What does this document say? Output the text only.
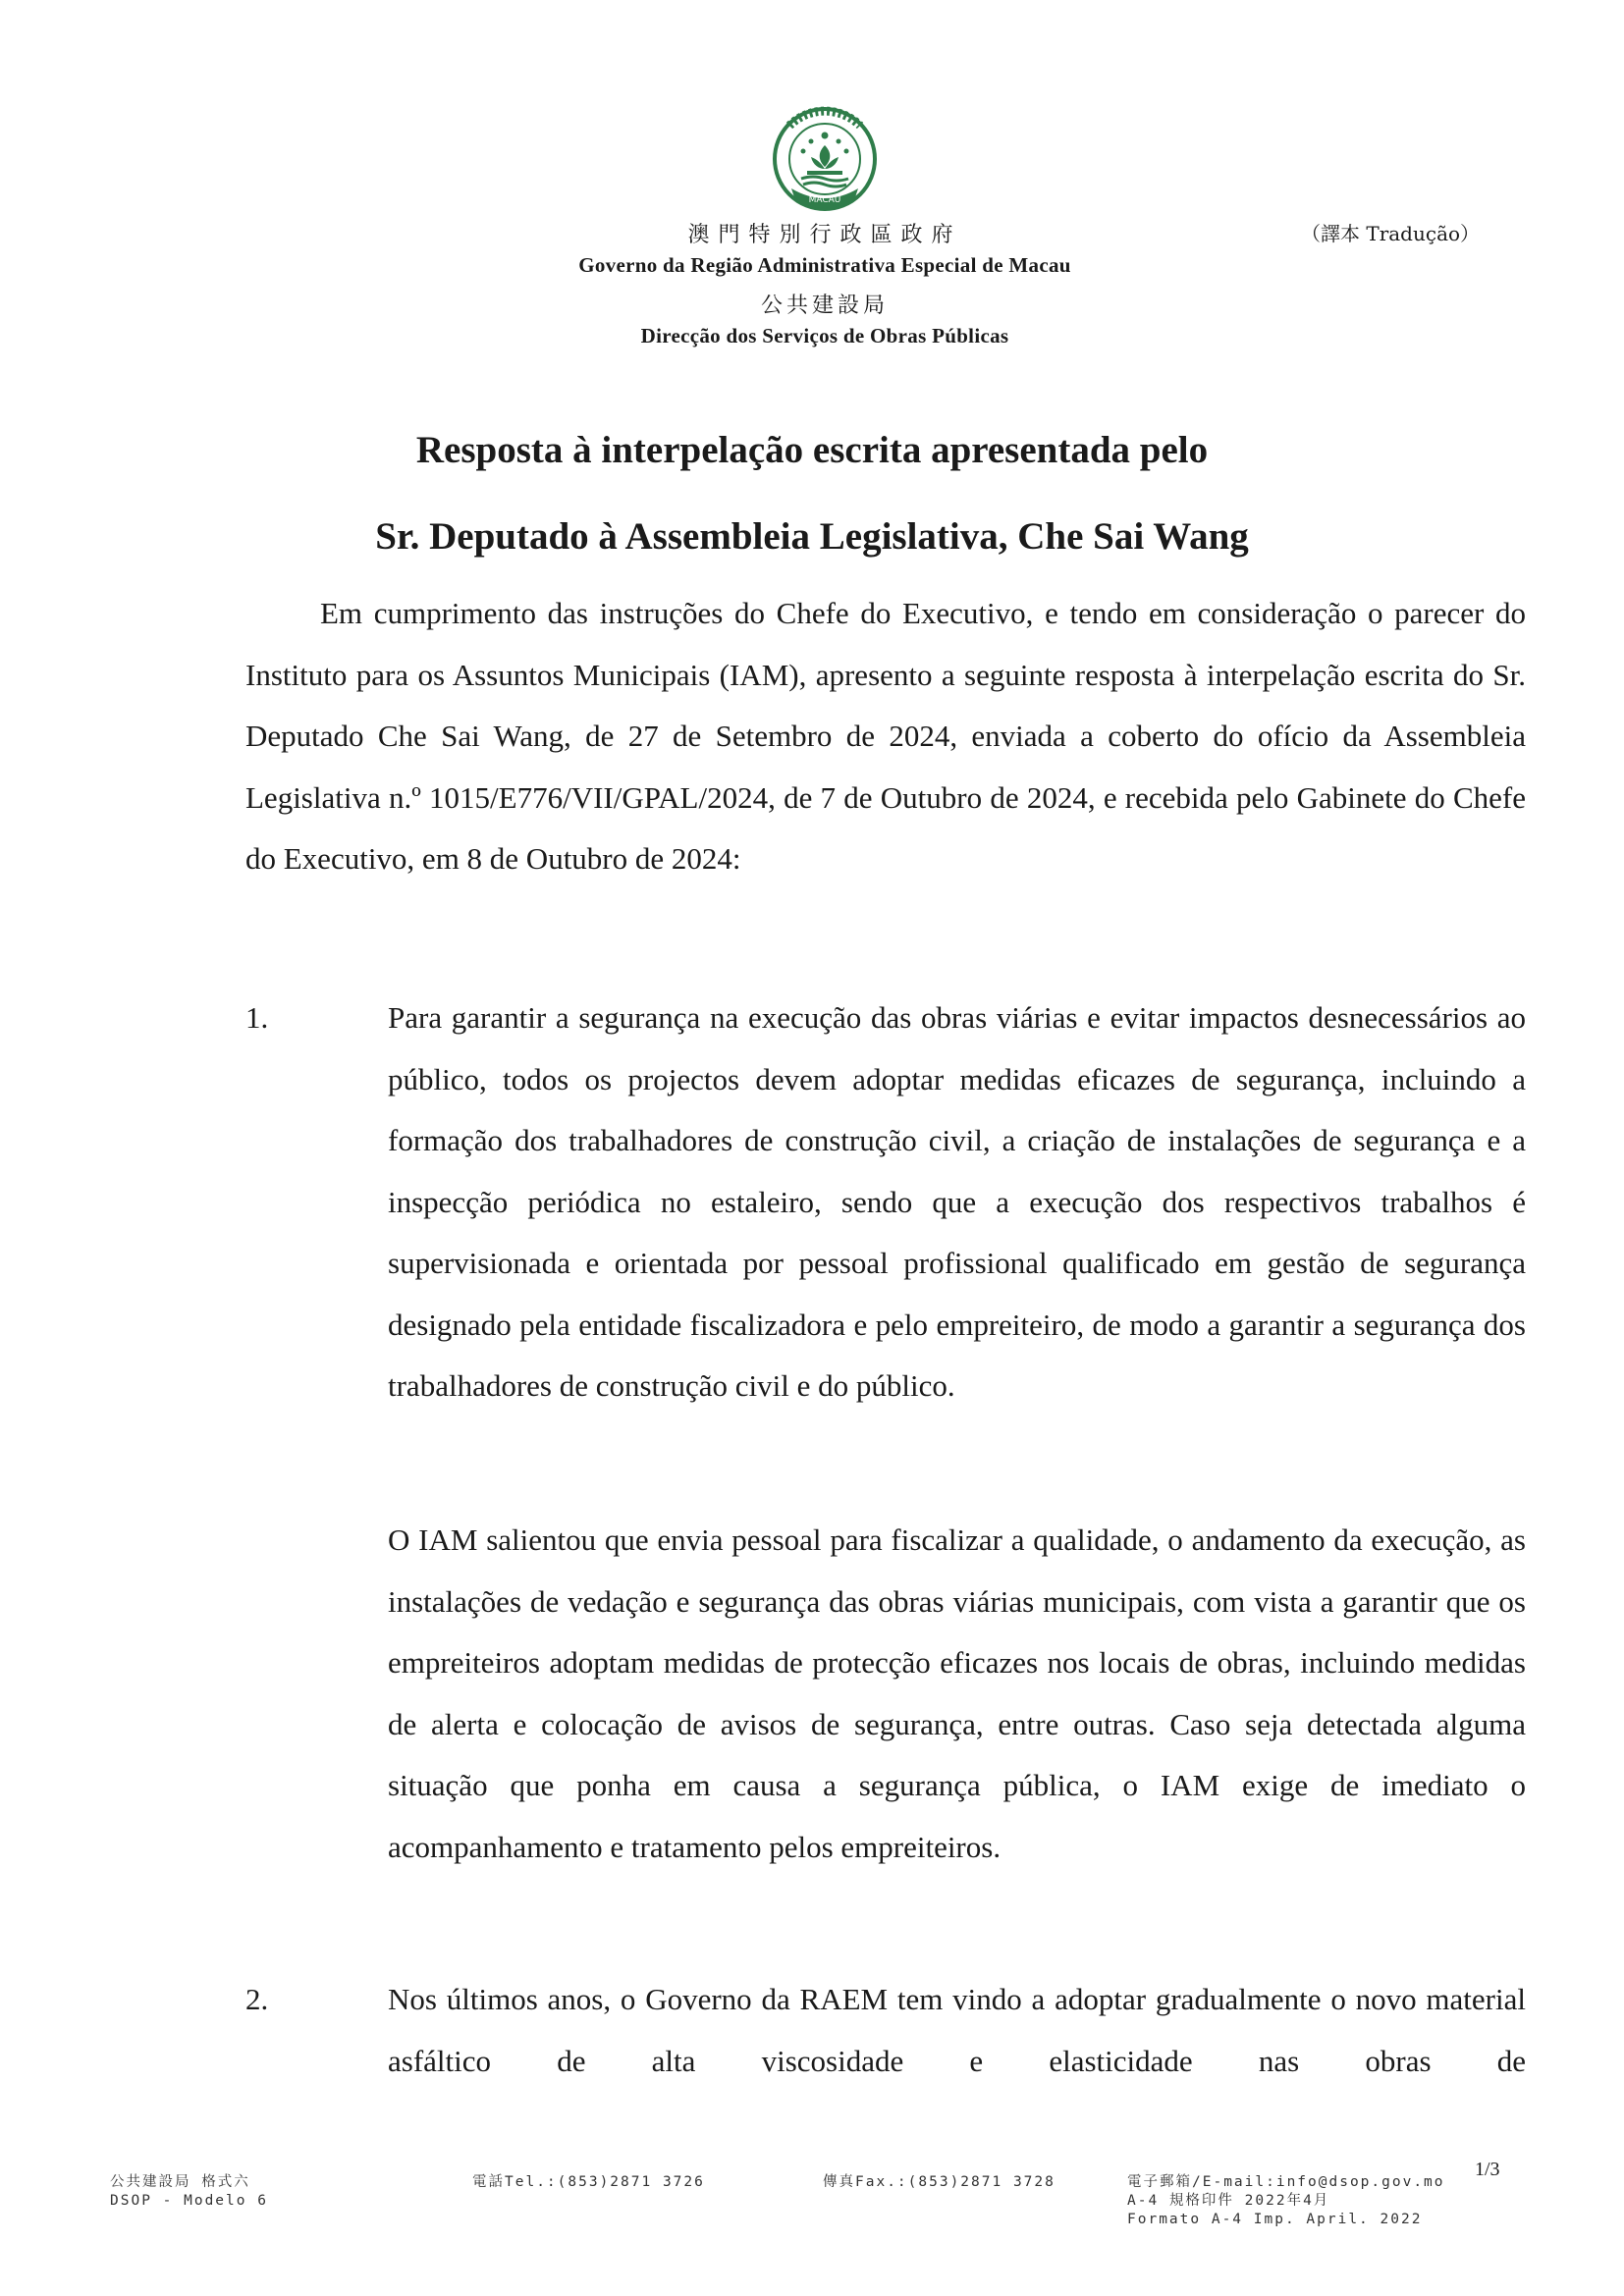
MACAU
澳門特別行政區政府
Governo da Região Administrativa Especial de Macau
公共建設局
Direcção dos Serviços de Obras Públicas
（譯本 Tradução）
Resposta à interpelação escrita apresentada pelo
Sr. Deputado à Assembleia Legislativa, Che Sai Wang
Em cumprimento das instruções do Chefe do Executivo, e tendo em consideração o parecer do Instituto para os Assuntos Municipais (IAM), apresento a seguinte resposta à interpelação escrita do Sr. Deputado Che Sai Wang, de 27 de Setembro de 2024, enviada a coberto do ofício da Assembleia Legislativa n.º 1015/E776/VII/GPAL/2024, de 7 de Outubro de 2024, e recebida pelo Gabinete do Chefe do Executivo, em 8 de Outubro de 2024:
1.	Para garantir a segurança na execução das obras viárias e evitar impactos desnecessários ao público, todos os projectos devem adoptar medidas eficazes de segurança, incluindo a formação dos trabalhadores de construção civil, a criação de instalações de segurança e a inspecção periódica no estaleiro, sendo que a execução dos respectivos trabalhos é supervisionada e orientada por pessoal profissional qualificado em gestão de segurança designado pela entidade fiscalizadora e pelo empreiteiro, de modo a garantir a segurança dos trabalhadores de construção civil e do público.
O IAM salientou que envia pessoal para fiscalizar a qualidade, o andamento da execução, as instalações de vedação e segurança das obras viárias municipais, com vista a garantir que os empreiteiros adoptam medidas de protecção eficazes nos locais de obras, incluindo medidas de alerta e colocação de avisos de segurança, entre outras. Caso seja detectada alguma situação que ponha em causa a segurança pública, o IAM exige de imediato o acompanhamento e tratamento pelos empreiteiros.
2.	Nos últimos anos, o Governo da RAEM tem vindo a adoptar gradualmente o novo material asfáltico de alta viscosidade e elasticidade nas obras de
1/3
公共建設局 格式六
DSOP - Modelo 6
電話Tel.:(853)2871 3726	傳真Fax.:(853)2871 3728	電子郵箱/E-mail:info@dsop.gov.mo
A-4 規格印件 2022年4月
Formato A-4 Imp. April. 2022
